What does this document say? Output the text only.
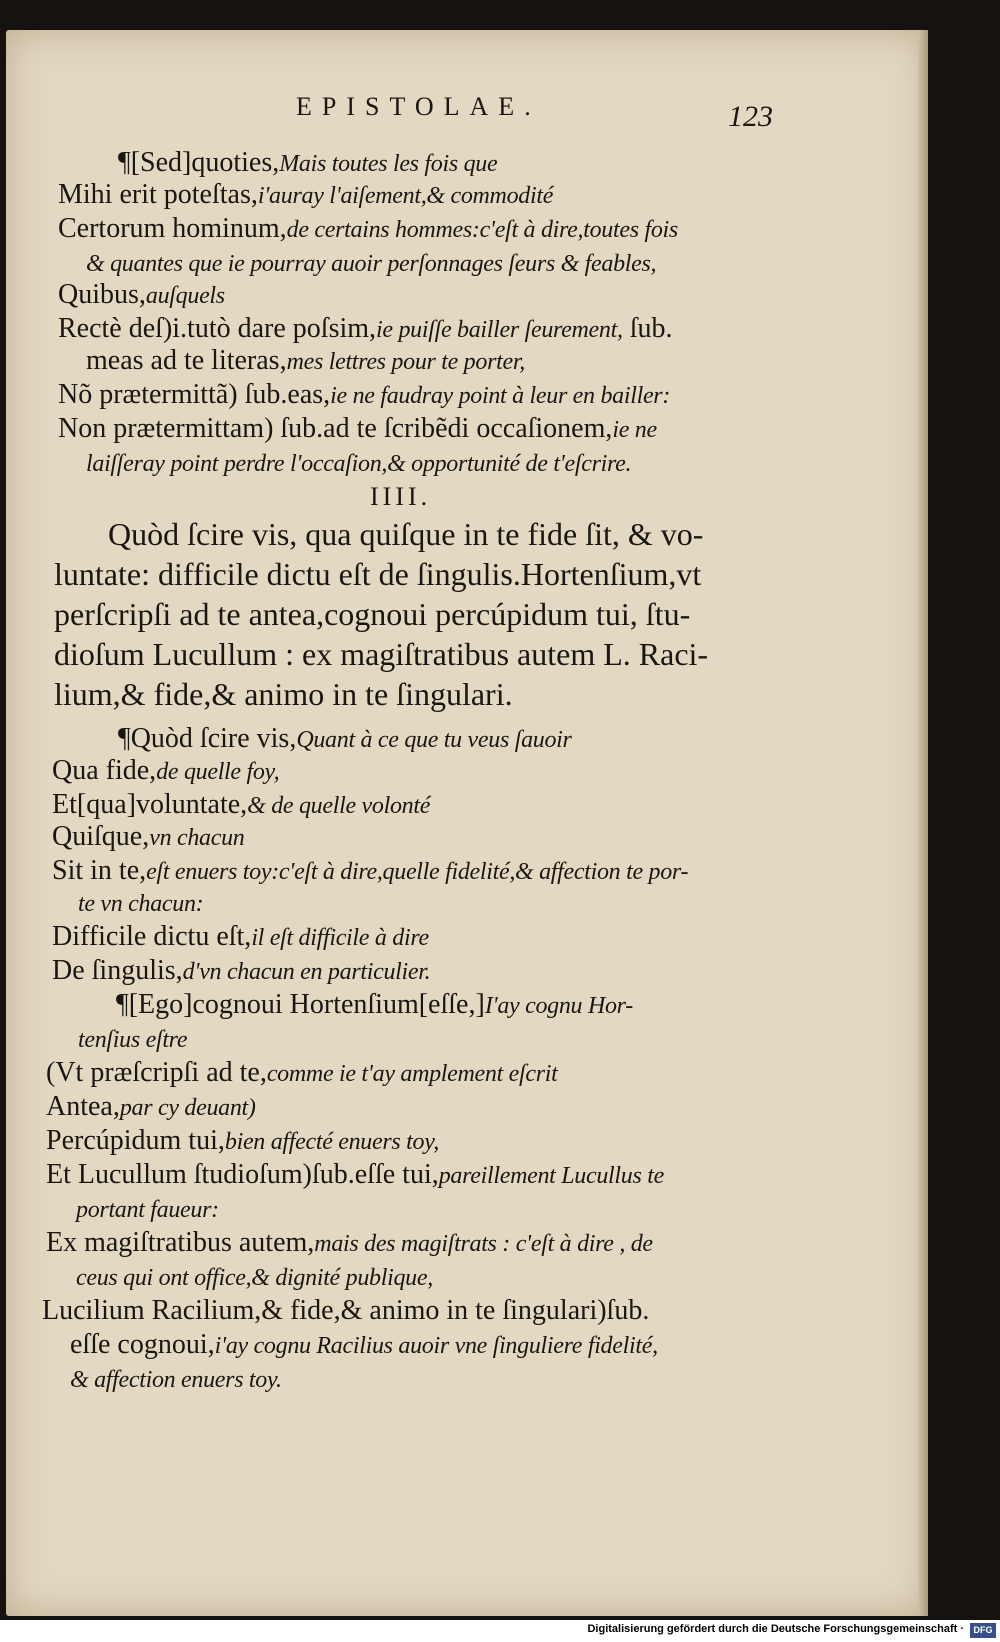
EPISTOLAE.	123
¶[Sed]quoties,Mais toutes les fois que
Mihi erit poteſtas,i'auray l'aiſement,& commodité
Certorum hominum,de certains hommes:c'eſt à dire,toutes fois
& quantes que ie pourray auoir perſonnages ſeurs & feables,
Quibus,auſquels
Rectè deſ)i.tutò dare poſsim,ie puiſſe bailler ſeurement, ſub.
meas ad te literas,mes lettres pour te porter,
Nõ prætermittã) ſub.eas,ie ne faudray point à leur en bailler:
Non prætermittam) ſub.ad te ſcribẽdi occaſionem,ie ne
laiſſeray point perdre l'occaſion,& opportunité de t'eſcrire.
IIII.
Quòd ſcire vis, qua quiſque in te fide ſit, & vo-
luntate: difficile dictu eſt de ſingulis.Hortenſium,vt
perſcripſi ad te antea,cognoui percúpidum tui, ſtu-
dioſum Lucullum : ex magiſtratibus autem L. Raci-
lium,& fide,& animo in te ſingulari.
¶Quòd ſcire vis,Quant à ce que tu veus ſauoir
Qua fide,de quelle foy,
Et[qua]voluntate,& de quelle volonté
Quiſque,vn chacun
Sit in te,eſt enuers toy:c'eſt à dire,quelle fidelité,& affection te por-
te vn chacun:
Difficile dictu eſt,il eſt difficile à dire
De ſingulis,d'vn chacun en particulier.
¶[Ego]cognoui Hortenſium[eſſe,]I'ay cognu Hor-
tenſius eſtre
(Vt præſcripſi ad te,comme ie t'ay amplement eſcrit
Antea,par cy deuant)
Percúpidum tui,bien affecté enuers toy,
Et Lucullum ſtudioſum)ſub.eſſe tui,pareillement Lucullus te
portant faueur:
Ex magiſtratibus autem,mais des magiſtrats : c'eſt à dire , de
ceus qui ont office,& dignité publique,
Lucilium Racilium,& fide,& animo in te ſingulari)ſub.
eſſe cognoui,i'ay cognu Racilius auoir vne ſinguliere fidelité,
& affection enuers toy.
Digitalisierung gefördert durch die Deutsche Forschungsgemeinschaft ·	DFG
